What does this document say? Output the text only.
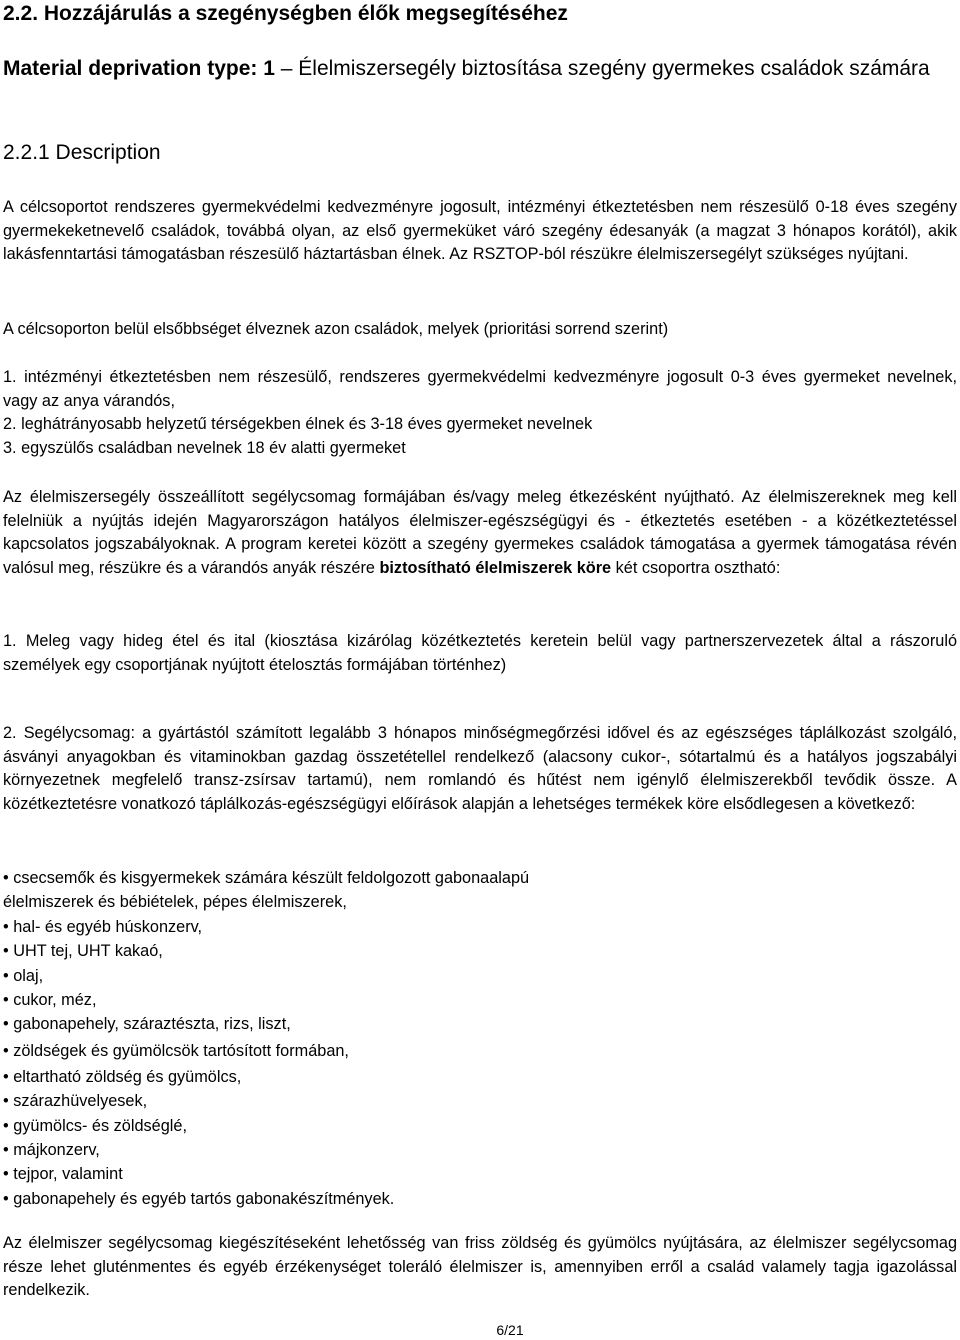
2.2. Hozzájárulás a szegénységben élők megsegítéséhez
Material deprivation type: 1 – Élelmiszersegély biztosítása szegény gyermekes családok számára
2.2.1 Description

A célcsoportot rendszeres gyermekvédelmi kedvezményre jogosult, intézményi étkeztetésben nem részesülő 0-18 éves szegény gyermekeketnevelő családok, továbbá olyan, az első gyermeküket váró szegény édesanyák (a magzat 3 hónapos korától), akik lakásfenntartási támogatásban részesülő háztartásban élnek. Az RSZTOP-ból részükre élelmiszersegélyt szükséges nyújtani.

A célcsoporton belül elsőbbséget élveznek azon családok, melyek (prioritási sorrend szerint)

1. intézményi étkeztetésben nem részesülő, rendszeres gyermekvédelmi kedvezményre jogosult 0-3 éves gyermeket nevelnek, vagy az anya várandós,
2. leghátrányosabb helyzetű térségekben élnek és 3-18 éves gyermeket nevelnek
3. egyszülős családban nevelnek 18 év alatti gyermeket

Az élelmiszersegély összeállított segélycsomag formájában és/vagy meleg étkezésként nyújtható. Az élelmiszereknek meg kell felelniük a nyújtás idején Magyarországon hatályos élelmiszer-egészségügyi és - étkeztetés esetében - a közétkeztetéssel kapcsolatos jogszabályoknak. A program keretei között a szegény gyermekes családok támogatása a gyermek támogatása révén valósul meg, részükre és a várandós anyák részére biztosítható élelmiszerek köre két csoportra osztható:

1. Meleg vagy hideg étel és ital (kiosztása kizárólag közétkeztetés keretein belül vagy partnerszervezetek által a rászoruló személyek egy csoportjának nyújtott ételosztás formájában történhez)

2. Segélycsomag: a gyártástól számított legalább 3 hónapos minőségmegőrzési idővel és az egészséges táplálkozást szolgáló, ásványi anyagokban és vitaminokban gazdag összetétellel rendelkező (alacsony cukor-, sótartalmú és a hatályos jogszabályi környezetnek megfelelő transz-zsírsav tartamú), nem romlandó és hűtést nem igénylő élelmiszerekből tevődik össze. A közétkeztetésre vonatkozó táplálkozás-egészségügyi előírások alapján a lehetséges termékek köre elsődlegesen a következő:

• csecsemők és kisgyermekek számára készült feldolgozott gabonaalapú
élelmiszerek és bébiételek, pépes élelmiszerek,
• hal- és egyéb húskonzerv,
• UHT tej, UHT kakaó,
• olaj,
• cukor, méz,
• gabonapehely, száraztészta, rizs, liszt,
• zöldségek és gyümölcsök tartósított formában,
• eltartható zöldség és gyümölcs,
• szárazhüvelyesek,
• gyümölcs- és zöldséglé,
• májkonzerv,
• tejpor, valamint
• gabonapehely és egyéb tartós gabonakészítmények.

Az élelmiszer segélycsomag kiegészítéseként lehetősség van friss zöldség és gyümölcs nyújtására, az élelmiszer segélycsomag része lehet gluténmentes és egyéb érzékenységet toleráló élelmiszer is, amennyiben erről a család valamely tagja igazolással rendelkezik.

6/21
